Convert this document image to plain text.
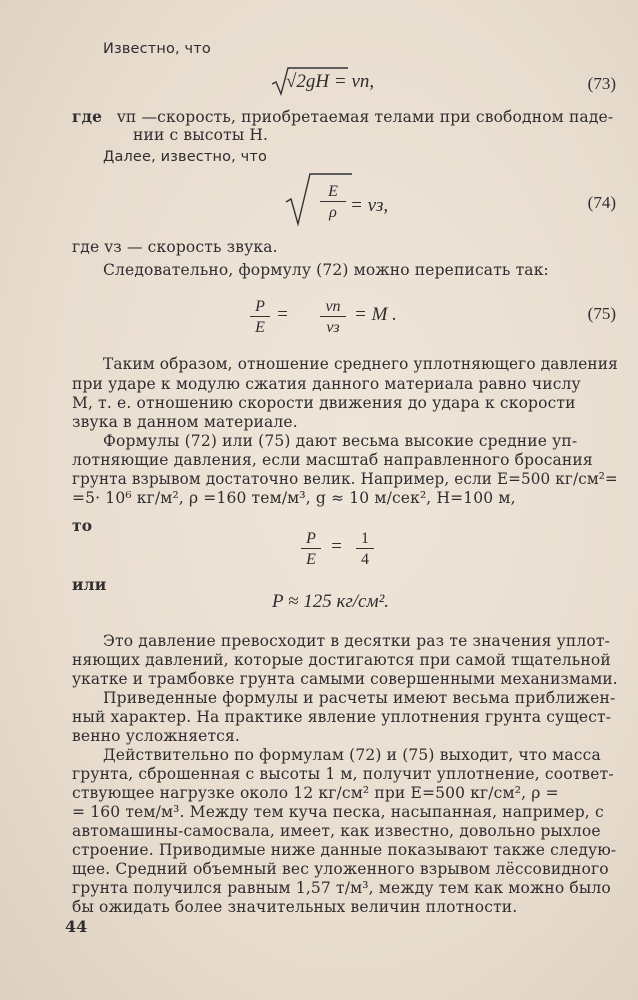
Известно, что
√2gH = vп,	(73)
где vп —скорость, приобретаемая телами при свободном паде-
нии с высоты H.
Далее, известно, что
$\frac{E}{\rho}$ = vз,	(74)
где vз — скорость звука.
Следовательно, формулу (72) можно переписать так:
$\frac{P}{E}$ =	vп
vз
= M .	(75)
Таким образом, отношение среднего уплотняющего давления
при ударе к модулю сжатия данного материала равно числу
M, т. е. отношению скорости движения до удара к скорости
звука в данном материале.
Формулы (72) или (75) дают весьма высокие средние уп-
лотняющие давления, если масштаб направленного бросания
грунта взрывом достаточно велик. Например, если E=500 кг/см²=
=5· 10⁶ кг/м², ρ =160 тем/м³, g ≈ 10 м/сек², H=100 м,
то
$\frac{P}{E} = \frac{1}{4}$
или
P ≈ 125 кг/см².
Это давление превосходит в десятки раз те значения уплот-
няющих давлений, которые достигаются при самой тщательной
укатке и трамбовке грунта самыми совершенными механизмами.
Приведенные формулы и расчеты имеют весьма приближен-
ный характер. На практике явление уплотнения грунта сущест-
венно усложняется.
Действительно по формулам (72) и (75) выходит, что масса
грунта, сброшенная с высоты 1 м, получит уплотнение, соответ-
ствующее нагрузке около 12 кг/см² при E=500 кг/см², ρ =
= 160 тем/м³. Между тем куча песка, насыпанная, например, с
автомашины-самосвала, имеет, как известно, довольно рыхлое
строение. Приводимые ниже данные показывают также следую-
щее. Средний объемный вес уложенного взрывом лёссовидного
грунта получился равным 1,57 т/м³, между тем как можно было
бы ожидать более значительных величин плотности.
44
